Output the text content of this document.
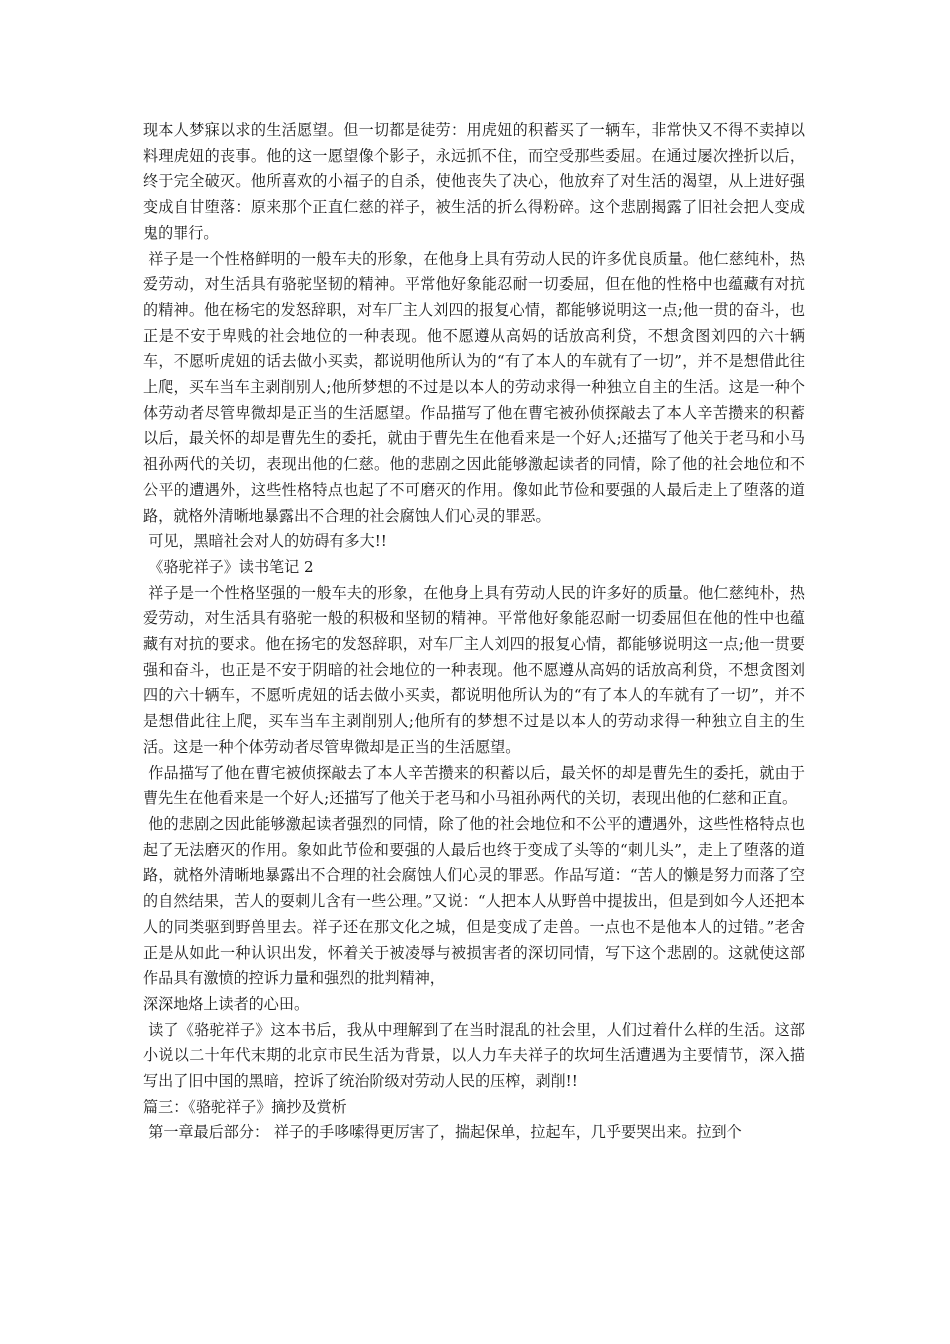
现本人梦寐以求的生活愿望。但一切都是徒劳：用虎妞的积蓄买了一辆车，非常快又不得不卖掉以料理虎妞的丧事。他的这一愿望像个影子，永远抓不住，而空受那些委屈。在通过屡次挫折以后，终于完全破灭。他所喜欢的小福子的自杀，使他丧失了决心，他放弃了对生活的渴望，从上进好强变成自甘堕落：原来那个正直仁慈的祥子，被生活的折么得粉碎。这个悲剧揭露了旧社会把人变成鬼的罪行。

祥子是一个性格鲜明的一般车夫的形象，在他身上具有劳动人民的许多优良质量。他仁慈纯朴，热爱劳动，对生活具有骆驼坚韧的精神。平常他好象能忍耐一切委屈，但在他的性格中也蕴藏有对抗的精神。他在杨宅的发怒辞职，对车厂主人刘四的报复心情，都能够说明这一点;他一贯的奋斗，也正是不安于卑贱的社会地位的一种表现。他不愿遵从高妈的话放高利贷，不想贪图刘四的六十辆车，不愿听虎妞的话去做小买卖，都说明他所认为的“有了本人的车就有了一切”，并不是想借此往上爬，买车当车主剥削别人;他所梦想的不过是以本人的劳动求得一种独立自主的生活。这是一种个体劳动者尽管卑微却是正当的生活愿望。作品描写了他在曹宅被孙侦探敲去了本人辛苦攒来的积蓄以后，最关怀的却是曹先生的委托，就由于曹先生在他看来是一个好人;还描写了他关于老马和小马祖孙两代的关切，表现出他的仁慈。他的悲剧之因此能够激起读者的同情，除了他的社会地位和不公平的遭遇外，这些性格特点也起了不可磨灭的作用。像如此节俭和要强的人最后走上了堕落的道路，就格外清晰地暴露出不合理的社会腐蚀人们心灵的罪恶。

可见，黑暗社会对人的妨碍有多大!!

《骆驼祥子》读书笔记 2

祥子是一个性格坚强的一般车夫的形象，在他身上具有劳动人民的许多好的质量。他仁慈纯朴，热爱劳动，对生活具有骆驼一般的积极和坚韧的精神。平常他好象能忍耐一切委屈但在他的性中也蕴藏有对抗的要求。他在扬宅的发怒辞职，对车厂主人刘四的报复心情，都能够说明这一点;他一贯要强和奋斗，也正是不安于阴暗的社会地位的一种表现。他不愿遵从高妈的话放高利贷，不想贪图刘四的六十辆车，不愿听虎妞的话去做小买卖，都说明他所认为的“有了本人的车就有了一切”，并不是想借此往上爬，买车当车主剥削别人;他所有的梦想不过是以本人的劳动求得一种独立自主的生活。这是一种个体劳动者尽管卑微却是正当的生活愿望。

作品描写了他在曹宅被侦探敲去了本人辛苦攒来的积蓄以后，最关怀的却是曹先生的委托，就由于曹先生在他看来是一个好人;还描写了他关于老马和小马祖孙两代的关切，表现出他的仁慈和正直。

他的悲剧之因此能够激起读者强烈的同情，除了他的社会地位和不公平的遭遇外，这些性格特点也起了无法磨灭的作用。象如此节俭和要强的人最后也终于变成了头等的“刺儿头”，走上了堕落的道路，就格外清晰地暴露出不合理的社会腐蚀人们心灵的罪恶。作品写道：“苦人的懒是努力而落了空的自然结果，苦人的耍刺儿含有一些公理。”又说：“人把本人从野兽中提拔出，但是到如今人还把本人的同类驱到野兽里去。祥子还在那文化之城，但是变成了走兽。一点也不是他本人的过错。”老舍正是从如此一种认识出发，怀着关于被凌辱与被损害者的深切同情，写下这个悲剧的。这就使这部作品具有激愤的控诉力量和强烈的批判精神，

深深地烙上读者的心田。

读了《骆驼祥子》这本书后，我从中理解到了在当时混乱的社会里，人们过着什么样的生活。这部小说以二十年代末期的北京市民生活为背景，以人力车夫祥子的坎坷生活遭遇为主要情节，深入描写出了旧中国的黑暗，控诉了统治阶级对劳动人民的压榨，剥削!!

篇三：《骆驼祥子》摘抄及赏析

第一章最后部分： 祥子的手哆嗦得更厉害了，揣起保单，拉起车，几乎要哭出来。拉到个
